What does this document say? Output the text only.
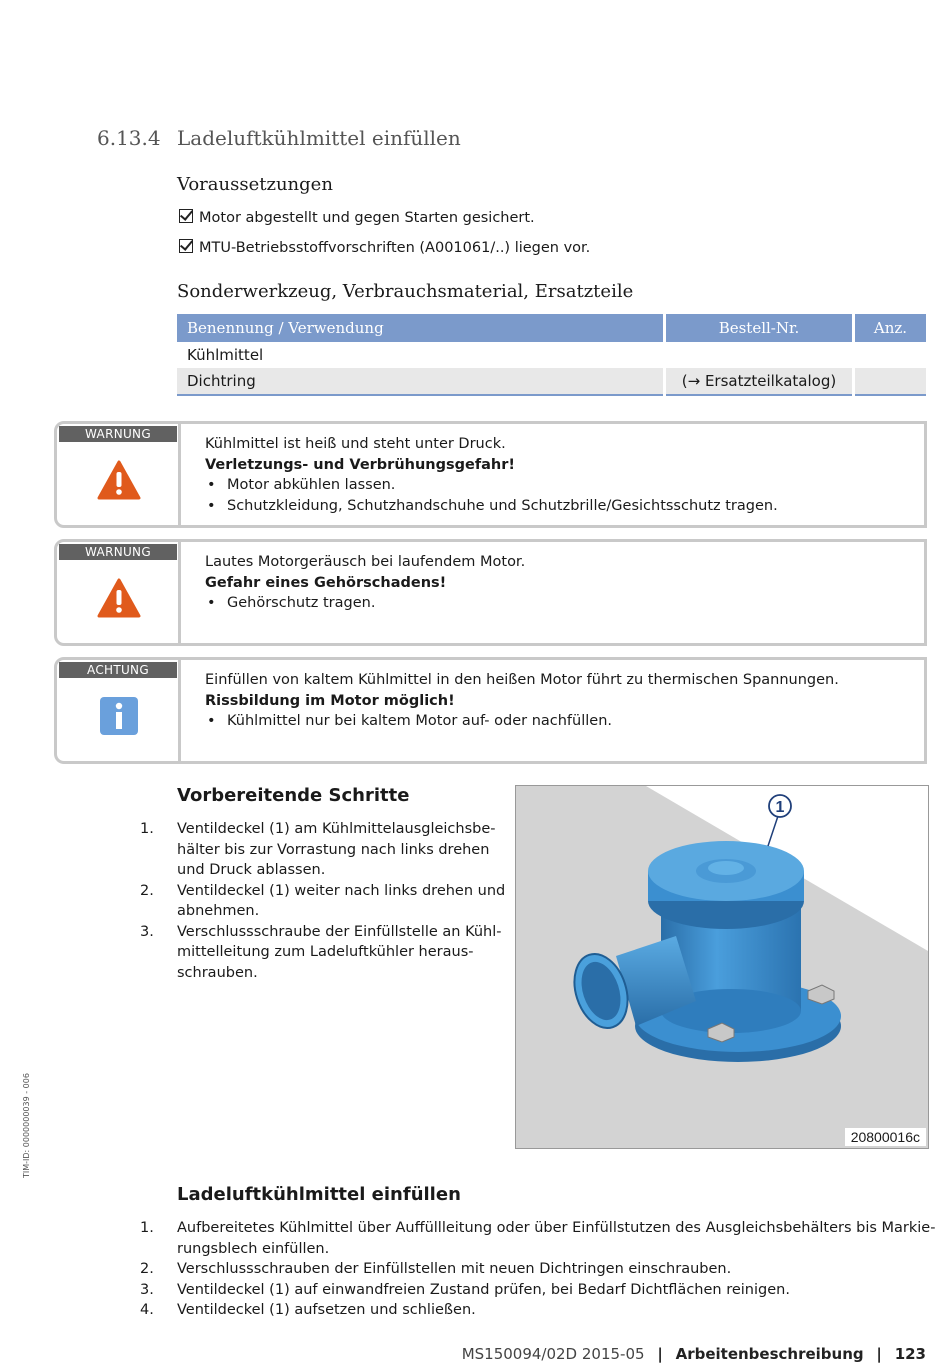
6.13.4 Ladeluftkühlmittel einfüllen
Voraussetzungen
Motor abgestellt und gegen Starten gesichert.
MTU-Betriebsstoffvorschriften (A001061/..) liegen vor.
Sonderwerkzeug, Verbrauchsmaterial, Ersatzteile
Benennung / Verwendung	Bestell-Nr.	Anz.
Kühlmittel		
Dichtring	(→ Ersatzteilkatalog)	
WARNUNG
Kühlmittel ist heiß und steht unter Druck.
Verletzungs- und Verbrühungsgefahr!
• Motor abkühlen lassen.
• Schutzkleidung, Schutzhandschuhe und Schutzbrille/Gesichtsschutz tragen.
WARNUNG
Lautes Motorgeräusch bei laufendem Motor.
Gefahr eines Gehörschadens!
• Gehörschutz tragen.
ACHTUNG
Einfüllen von kaltem Kühlmittel in den heißen Motor führt zu thermischen Spannungen.
Rissbildung im Motor möglich!
• Kühlmittel nur bei kaltem Motor auf- oder nachfüllen.
Vorbereitende Schritte
1.	Ventildeckel (1) am Kühlmittelausgleichsbe-
hälter bis zur Vorrastung nach links drehen
und Druck ablassen.
2.	Ventildeckel (1) weiter nach links drehen und
abnehmen.
3.	Verschlussschraube der Einfüllstelle an Kühl-
mittelleitung zum Ladeluftkühler heraus-
schrauben.
1
20800016c
TIM-ID: 0000000039 - 006
Ladeluftkühlmittel einfüllen
1.	Aufbereitetes Kühlmittel über Auffüllleitung oder über Einfüllstutzen des Ausgleichsbehälters bis Markie-
rungsblech einfüllen.
2.	Verschlussschrauben der Einfüllstellen mit neuen Dichtringen einschrauben.
3.	Ventildeckel (1) auf einwandfreien Zustand prüfen, bei Bedarf Dichtflächen reinigen.
4.	Ventildeckel (1) aufsetzen und schließen.
MS150094/02D 2015-05 | Arbeitenbeschreibung | 123
